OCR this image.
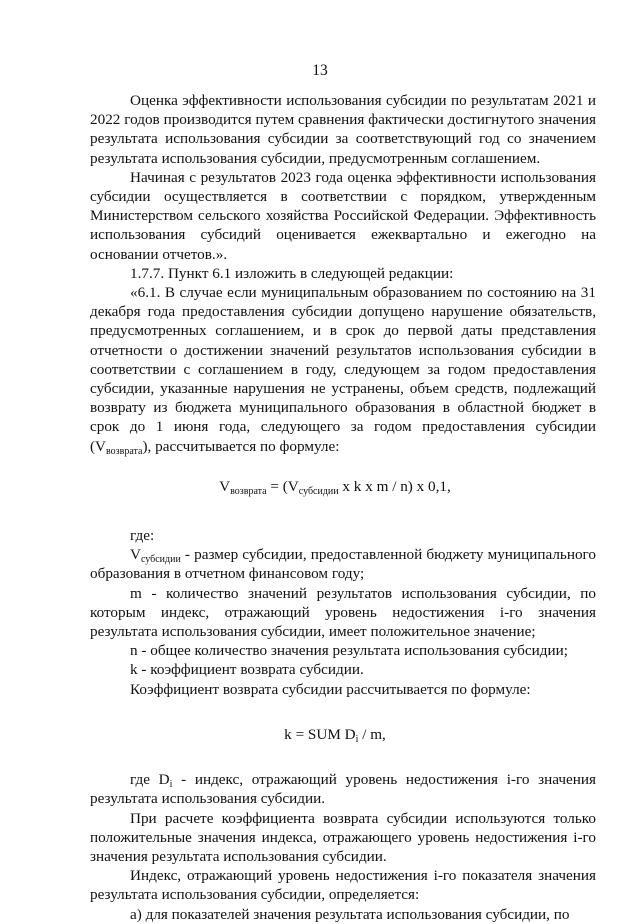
13

Оценка эффективности использования субсидии по результатам 2021 и 2022 годов производится путем сравнения фактически достигнутого значения результата использования субсидии за соответствующий год со значением результата использования субсидии, предусмотренным соглашением.

Начиная с результатов 2023 года оценка эффективности использования субсидии осуществляется в соответствии с порядком, утвержденным Министерством сельского хозяйства Российской Федерации. Эффективность использования субсидий оценивается ежеквартально и ежегодно на основании отчетов.».

1.7.7. Пункт 6.1 изложить в следующей редакции:

«6.1. В случае если муниципальным образованием по состоянию на 31 декабря года предоставления субсидии допущено нарушение обязательств, предусмотренных соглашением, и в срок до первой даты представления отчетности о достижении значений результатов использования субсидии в соответствии с соглашением в году, следующем за годом предоставления субсидии, указанные нарушения не устранены, объем средств, подлежащий возврату из бюджета муниципального образования в областной бюджет в срок до 1 июня года, следующего за годом предоставления субсидии $(V_{возврата})$, рассчитывается по формуле:

$V_{возврата} = (V_{субсидии}$ x k x m / n) x 0,1,

где:

$V_{субсидии}$ - размер субсидии, предоставленной бюджету муниципального образования в отчетном финансовом году;

m - количество значений результатов использования субсидии, по которым индекс, отражающий уровень недостижения i-го значения результата использования субсидии, имеет положительное значение;

n - общее количество значения результата использования субсидии;

k - коэффициент возврата субсидии.

Коэффициент возврата субсидии рассчитывается по формуле:

k = SUM $D_i$ / m,

где $D_i$ - индекс, отражающий уровень недостижения i-го значения результата использования субсидии.

При расчете коэффициента возврата субсидии используются только положительные значения индекса, отражающего уровень недостижения i-го значения результата использования субсидии.

Индекс, отражающий уровень недостижения i-го показателя значения результата использования субсидии, определяется:

а) для показателей значения результата использования субсидии, по
